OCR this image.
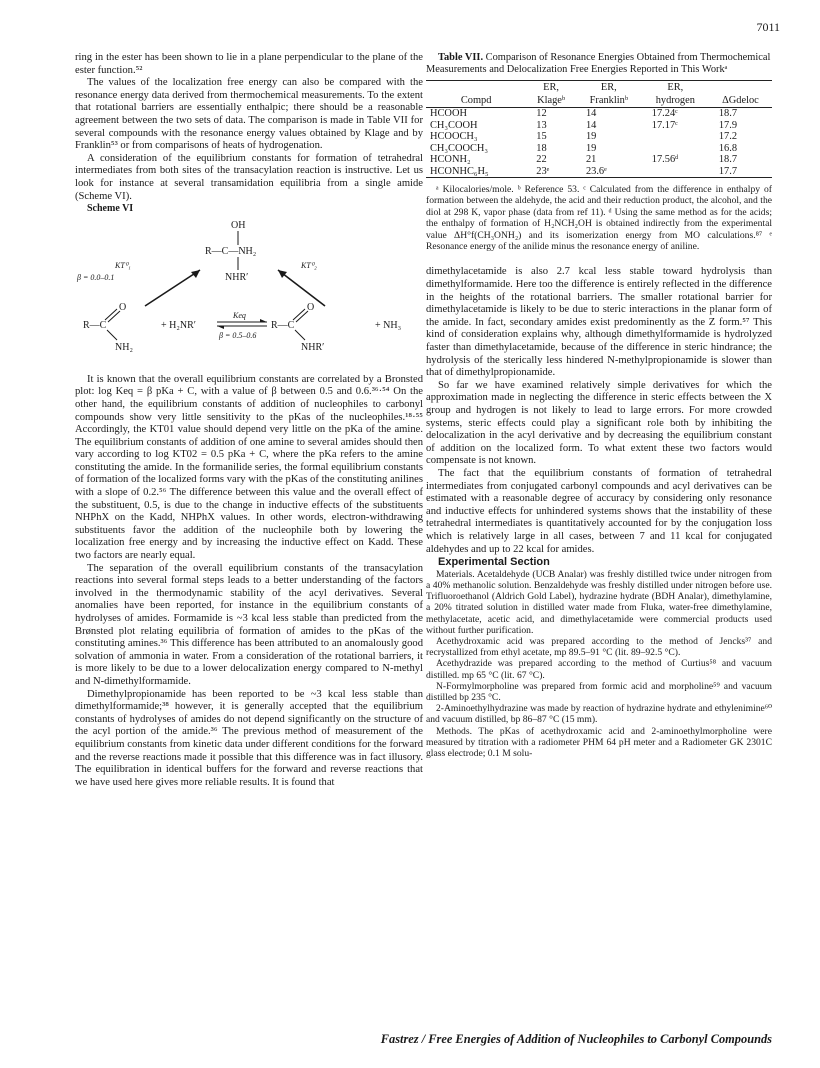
7011

ring in the ester has been shown to lie in a plane perpendicular to the plane of the ester function.⁵²

The values of the localization free energy can also be compared with the resonance energy data derived from thermochemical measurements. To the extent that rotational barriers are essentially enthalpic; there should be a reasonable agreement between the two sets of data. The comparison is made in Table VII for several compounds with the resonance energy values obtained by Klage and by Franklin⁵³ or from comparisons of heats of hydrogenation.

A consideration of the equilibrium constants for formation of tetrahedral intermediates from both sites of the transacylation reaction is instructive. Let us look for instance at several transamidation equilibria from a single amide (Scheme VI).

Scheme VI

OH
R—C—NH₂
NHR′
KT⁰₁
β = 0.0–0.1
KT⁰₂
R—C
O
NH₂
+ H₂NR′
Keq
β = 0.5–0.6
R—C
O
NHR′
+ NH₃

It is known that the overall equilibrium constants are correlated by a Bronsted plot: log Keq = β pKa + C, with a value of β between 0.5 and 0.6.³⁶·⁵⁴ On the other hand, the equilibrium constants of addition of nucleophiles to carbonyl compounds show very little sensitivity to the pKas of the nucleophiles.¹⁸·⁵⁵ Accordingly, the KT01 value should depend very little on the pKa of the amine. The equilibrium constants of addition of one amine to several amides should then vary according to log KT02 = 0.5 pKa + C, where the pKa refers to the amine constituting the amide. In the formanilide series, the formal equilibrium constants of formation of the localized forms vary with the pKas of the constituting anilines with a slope of 0.2.⁵⁶ The difference between this value and the overall effect of the substituent, 0.5, is due to the change in inductive effects of the substituents NHPhX on the Kadd, NHPhX values. In other words, electron-withdrawing substituents favor the addition of the nucleophile both by lowering the localization free energy and by increasing the inductive effect on Kadd. These two factors are nearly equal.

The separation of the overall equilibrium constants of the transacylation reactions into several formal steps leads to a better understanding of the factors involved in the thermodynamic stability of the acyl derivatives. Several anomalies have been reported, for instance in the equilibrium constants of hydrolyses of amides. Formamide is ~3 kcal less stable than predicted from the Brønsted plot relating equilibria of formation of amides to the pKas of the constituting amines.³⁶ This difference has been attributed to an anomalously good solvation of ammonia in water. From a consideration of the rotational barriers, it is more likely to be due to a lower delocalization energy compared to N-methyl and N-dimethylformamide.

Dimethylpropionamide has been reported to be ~3 kcal less stable than dimethylformamide;³⁸ however, it is generally accepted that the equilibrium constants of hydrolyses of amides do not depend significantly on the structure of the acyl portion of the amide.³⁶ The previous method of measurement of the equilibrium constants from kinetic data under different conditions for the forward and the reverse reactions made it possible that this difference was in fact illusory. The equilibration in identical buffers for the forward and reverse reactions that we have used here gives more reliable results. It is found that

Table VII. Comparison of Resonance Energies Obtained from Thermochemical Measurements and Delocalization Free Energies Reported in This Workᵃ

	ER,	ER,	ER,	
Compd	Klageᵇ	Franklinᵇ	hydrogen	ΔGdeloc
HCOOH	12	14	17.24ᶜ	18.7
CH₃COOH	13	14	17.17ᶜ	17.9
HCOOCH₃	15	19		17.2
CH₃COOCH₃	18	19		16.8
HCONH₂	22	21	17.56ᵈ	18.7
HCONHC₆H₅	23ᵉ	23.6ᵉ		17.7
ᵃ Kilocalories/mole. ᵇ Reference 53. ᶜ Calculated from the difference in enthalpy of formation between the aldehyde, the acid and their reduction product, the alcohol, and the diol at 298 K, vapor phase (data from ref 11). ᵈ Using the same method as for the acids; the enthalpy of formation of H₂NCH₂OH is obtained indirectly from the experimental value ΔH°f(CH₃ONH₂) and its isomerization energy from MO calculations.⁸⁷ ᵉ Resonance energy of the anilide minus the resonance energy of aniline.

dimethylacetamide is also 2.7 kcal less stable toward hydrolysis than dimethylformamide. Here too the difference is entirely reflected in the difference in the heights of the rotational barriers. The smaller rotational barrier for dimethylacetamide is likely to be due to steric interactions in the planar form of the amide. In fact, secondary amides exist predominently as the Z form.⁵⁷ This kind of consideration explains why, although dimethylformamide is hydrolyzed faster than dimethylacetamide, because of the difference in steric hindrance; the hydrolysis of the sterically less hindered N-methylpropionamide is slower than that of dimethylpropionamide.

So far we have examined relatively simple derivatives for which the approximation made in neglecting the difference in steric effects between the X group and hydrogen is not likely to lead to large errors. For more crowded systems, steric effects could play a significant role both by inhibiting the delocalization in the acyl derivative and by decreasing the equilibrium constant of addition on the localized form. To what extent these two factors would compensate is not known.

The fact that the equilibrium constants of formation of tetrahedral intermediates from conjugated carbonyl compounds and acyl derivatives can be estimated with a reasonable degree of accuracy by considering only resonance and inductive effects for unhindered systems shows that the instability of these tetrahedral intermediates is quantitatively accounted for by the conjugation loss which is relatively large in all cases, between 7 and 11 kcal for conjugated aldehydes and up to 22 kcal for amides.

Experimental Section

Materials. Acetaldehyde (UCB Analar) was freshly distilled twice under nitrogen from a 40% methanolic solution. Benzaldehyde was freshly distilled under nitrogen before use. Trifluoroethanol (Aldrich Gold Label), hydrazine hydrate (BDH Analar), dimethylamine, a 20% titrated solution in distilled water made from Fluka, water-free dimethylamine, methylacetate, acetic acid, and dimethylacetamide were commercial products used without further purification.

Acethydroxamic acid was prepared according to the method of Jencks³⁷ and recrystallized from ethyl acetate, mp 89.5–91 °C (lit. 89–92.5 °C).

Acethydrazide was prepared according to the method of Curtius⁵⁸ and vacuum distilled. mp 65 °C (lit. 67 °C).

N-Formylmorpholine was prepared from formic acid and morpholine⁵⁹ and vacuum distilled bp 235 °C.

2-Aminoethylhydrazine was made by reaction of hydrazine hydrate and ethylenimine⁶⁰ and vacuum distilled, bp 86–87 °C (15 mm).

Methods. The pKas of acethydroxamic acid and 2-aminoethylmorpholine were measured by titration with a radiometer PHM 64 pH meter and a Radiometer GK 2301C glass electrode; 0.1 M solu-

Fastrez / Free Energies of Addition of Nucleophiles to Carbonyl Compounds
